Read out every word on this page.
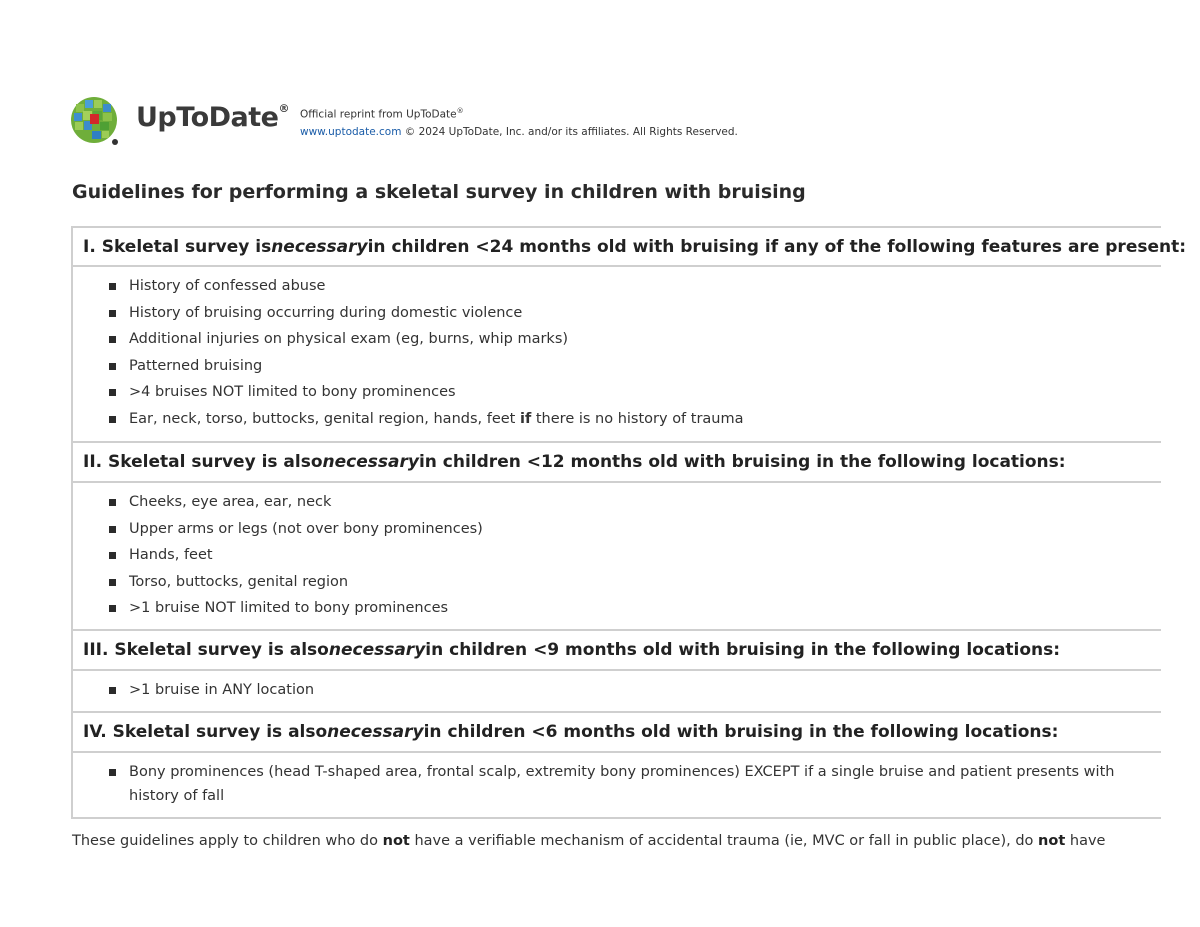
UpToDate® Official reprint from UpToDate®
www.uptodate.com © 2024 UpToDate, Inc. and/or its affiliates. All Rights Reserved.
Guidelines for performing a skeletal survey in children with bruising
I. Skeletal survey is necessary in children <24 months old with bruising if any of the following features are present:
History of confessed abuse
History of bruising occurring during domestic violence
Additional injuries on physical exam (eg, burns, whip marks)
Patterned bruising
>4 bruises NOT limited to bony prominences
Ear, neck, torso, buttocks, genital region, hands, feet if there is no history of trauma
II. Skeletal survey is also necessary in children <12 months old with bruising in the following locations:
Cheeks, eye area, ear, neck
Upper arms or legs (not over bony prominences)
Hands, feet
Torso, buttocks, genital region
>1 bruise NOT limited to bony prominences
III. Skeletal survey is also necessary in children <9 months old with bruising in the following locations:
>1 bruise in ANY location
IV. Skeletal survey is also necessary in children <6 months old with bruising in the following locations:
Bony prominences (head T-shaped area, frontal scalp, extremity bony prominences) EXCEPT if a single bruise and patient presents with
history of fall
These guidelines apply to children who do not have a verifiable mechanism of accidental trauma (ie, MVC or fall in public place), do not have
